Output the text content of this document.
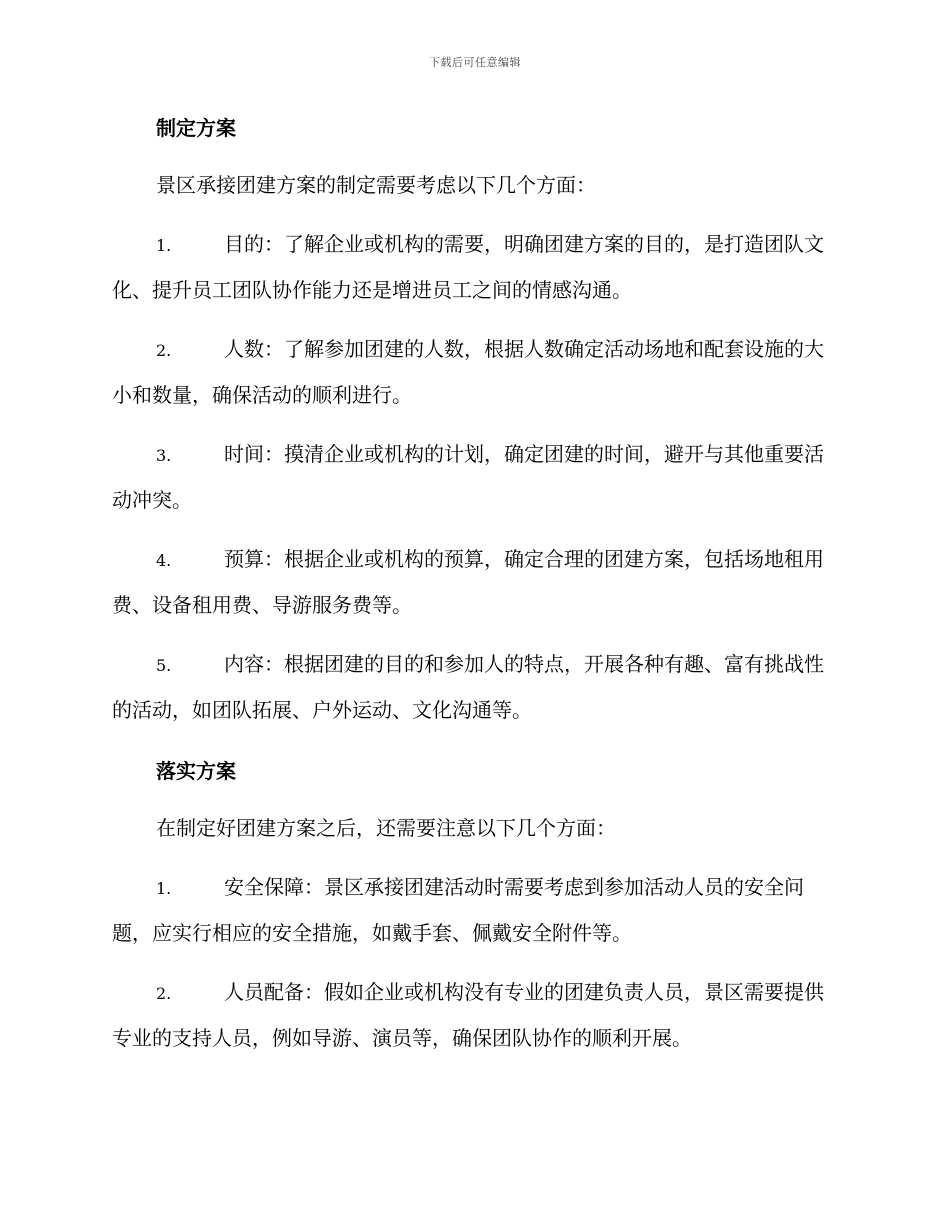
下载后可任意编辑
制定方案

景区承接团建方案的制定需要考虑以下几个方面：

1.	目的：了解企业或机构的需要，明确团建方案的目的，是打造团队文化、提升员工团队协作能力还是增进员工之间的情感沟通。

2.	人数：了解参加团建的人数，根据人数确定活动场地和配套设施的大小和数量，确保活动的顺利进行。

3.	时间：摸清企业或机构的计划，确定团建的时间，避开与其他重要活动冲突。

4.	预算：根据企业或机构的预算，确定合理的团建方案，包括场地租用费、设备租用费、导游服务费等。

5.	内容：根据团建的目的和参加人的特点，开展各种有趣、富有挑战性的活动，如团队拓展、户外运动、文化沟通等。

落实方案

在制定好团建方案之后，还需要注意以下几个方面：

1.	安全保障：景区承接团建活动时需要考虑到参加活动人员的安全问题，应实行相应的安全措施，如戴手套、佩戴安全附件等。

2.	人员配备：假如企业或机构没有专业的团建负责人员，景区需要提供专业的支持人员，例如导游、演员等，确保团队协作的顺利开展。
